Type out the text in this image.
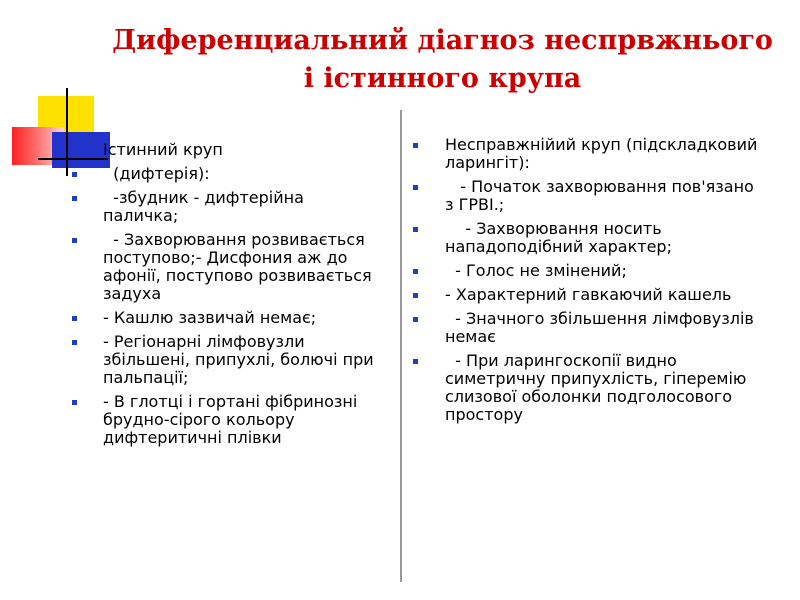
Диференциальний діагноз неспрвжнього
і істинного крупа
Істинний круп
(дифтерія):
-збудник - дифтерійна паличка;
- Захворювання розвивається поступово;- Дисфония аж до афонії, поступово розвивається задуха
- Кашлю зазвичай немає;
- Регіонарні лімфовузли збільшені, припухлі, болючі при пальпації;
- В глотці і гортані фібринозні брудно-сірого кольору дифтеритичні плівки
Несправжнійий круп (підскладковий ларингіт):
- Початок захворювання пов'язано з ГРВІ.;
- Захворювання носить нападоподібний характер;
- Голос не змінений;
- Характерний гавкаючий кашель
- Значного збільшення лімфовузлів немає
- При ларингоскопії видно симетричну припухлість, гіперемію слизової оболонки подголосового простору
